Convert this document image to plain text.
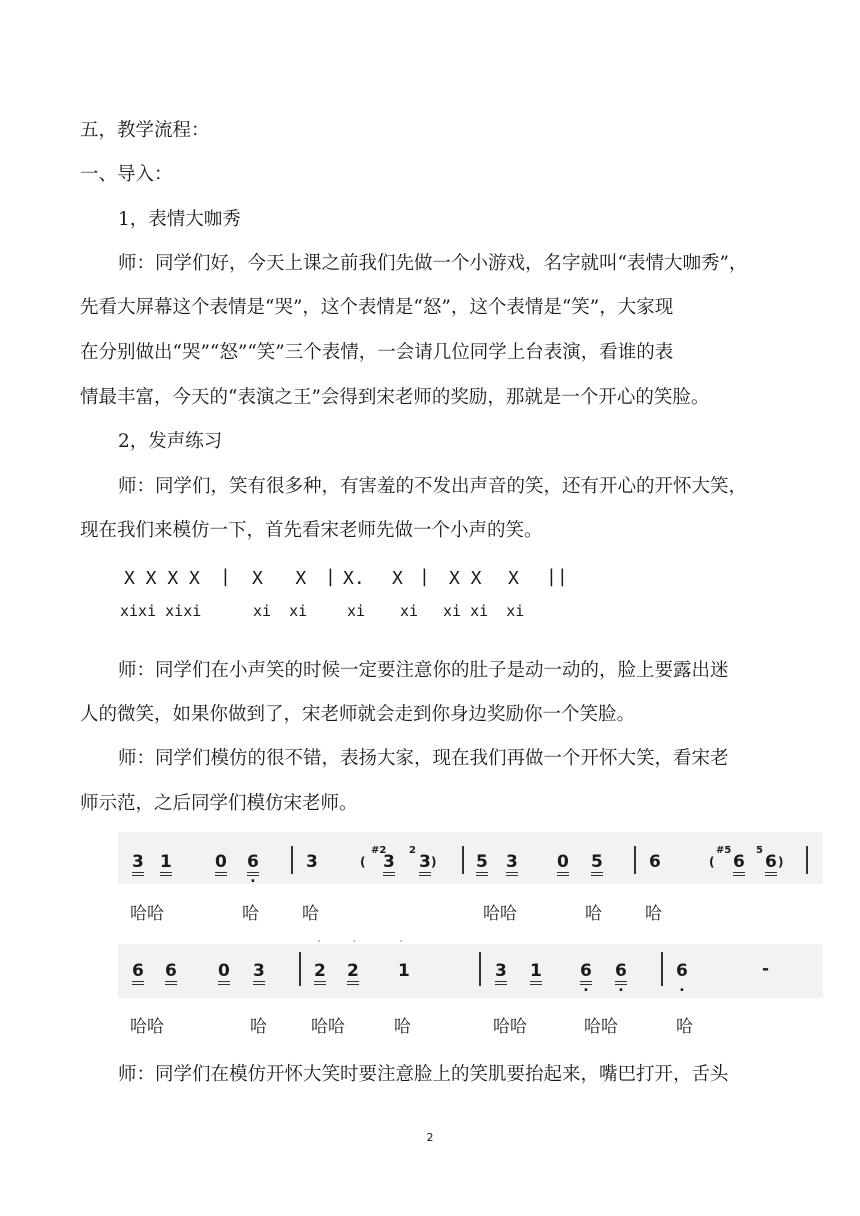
五，教学流程：
一、导入：
1，表情大咖秀
师：同学们好，今天上课之前我们先做一个小游戏，名字就叫“表情大咖秀”，
先看大屏幕这个表情是“哭”，这个表情是“怒”，这个表情是“笑”，大家现
在分别做出“哭”“怒”“笑”三个表情，一会请几位同学上台表演，看谁的表
情最丰富，今天的“表演之王”会得到宋老师的奖励，那就是一个开心的笑脸。
2，发声练习
师：同学们，笑有很多种，有害羞的不发出声音的笑，还有开心的开怀大笑，
现在我们来模仿一下，首先看宋老师先做一个小声的笑。
X X X X | X   X | X. X | X X X ||
xixi xixi	xi  xi	xi xi xi xi  xi
师：同学们在小声笑的时候一定要注意你的肚子是动一动的，脸上要露出迷
人的微笑，如果你做到了，宋老师就会走到你身边奖励你一个笑脸。
师：同学们模仿的很不错，表扬大家，现在我们再做一个开怀大笑，看宋老
师示范，之后同学们模仿宋老师。
3 1	0 6 .	3	(
#2
3
2
3 ) 5 3 0 5	6	(
#5
6
5
6 )
哈哈	哈	哈	哈哈	哈	哈
'	'	'
6 6 0 3	2 2 1	3 1 6 . 6 .	6 .	-
哈哈	哈	哈哈	哈	哈哈	哈哈	哈
师：同学们在模仿开怀大笑时要注意脸上的笑肌要抬起来，嘴巴打开，舌头
2
